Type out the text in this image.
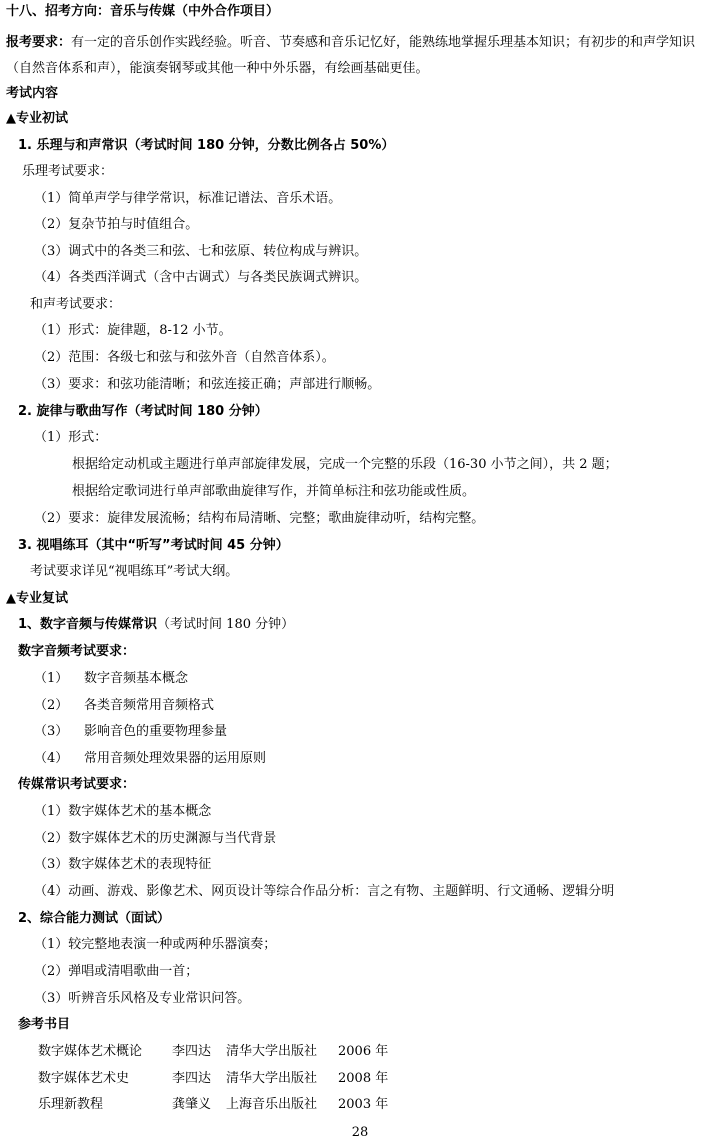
十八、招考方向：音乐与传媒（中外合作项目）
报考要求：有一定的音乐创作实践经验。听音、节奏感和音乐记忆好，能熟练地掌握乐理基本知识；有初步的和声学知识（自然音体系和声），能演奏钢琴或其他一种中外乐器，有绘画基础更佳。
考试内容
▲专业初试
1. 乐理与和声常识（考试时间 180 分钟，分数比例各占 50%）
乐理考试要求：
（1）简单声学与律学常识，标准记谱法、音乐术语。
（2）复杂节拍与时值组合。
（3）调式中的各类三和弦、七和弦原、转位构成与辨识。
（4）各类西洋调式（含中古调式）与各类民族调式辨识。
和声考试要求：
（1）形式：旋律题，8-12 小节。
（2）范围：各级七和弦与和弦外音（自然音体系）。
（3）要求：和弦功能清晰；和弦连接正确；声部进行顺畅。
2. 旋律与歌曲写作（考试时间 180 分钟）
（1）形式：
根据给定动机或主题进行单声部旋律发展，完成一个完整的乐段（16-30 小节之间），共 2 题；
根据给定歌词进行单声部歌曲旋律写作，并简单标注和弦功能或性质。
（2）要求：旋律发展流畅；结构布局清晰、完整；歌曲旋律动听，结构完整。
3. 视唱练耳（其中“听写”考试时间 45 分钟）
考试要求详见“视唱练耳”考试大纲。
▲专业复试
1、数字音频与传媒常识（考试时间 180 分钟）
数字音频考试要求：
（1） 数字音频基本概念
（2） 各类音频常用音频格式
（3） 影响音色的重要物理参量
（4） 常用音频处理效果器的运用原则
传媒常识考试要求：
（1）数字媒体艺术的基本概念
（2）数字媒体艺术的历史渊源与当代背景
（3）数字媒体艺术的表现特征
（4）动画、游戏、影像艺术、网页设计等综合作品分析：言之有物、主题鲜明、行文通畅、逻辑分明
2、综合能力测试（面试）
（1）较完整地表演一种或两种乐器演奏；
（2）弹唱或清唱歌曲一首；
（3）听辨音乐风格及专业常识问答。
参考书目
数字媒体艺术概论 李四达 清华大学出版社 2006 年
数字媒体艺术史	李四达 清华大学出版社 2008 年
乐理新教程	龚肇义 上海音乐出版社 2003 年
28
